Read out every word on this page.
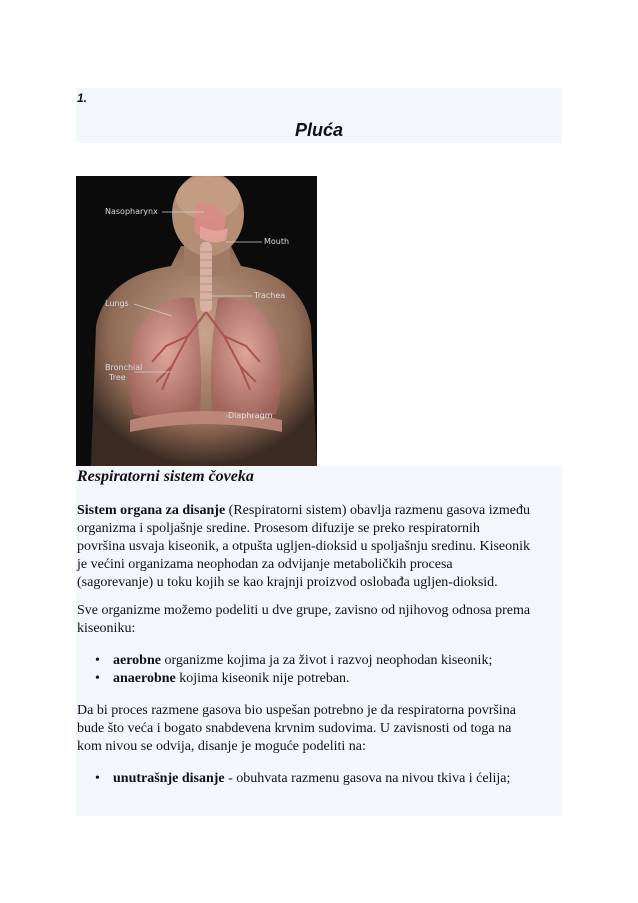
1.
Pluća
Nasopharynx
Mouth
Trachea
Lungs
Bronchial
Tree
Diaphragm
Respiratorni sistem čoveka
Sistem organa za disanje (Respiratorni sistem) obavlja razmenu gasova između
organizma i spoljašnje sredine. Prosesom difuzije se preko respiratornih
površina usvaja kiseonik, a otpušta ugljen-dioksid u spoljašnju sredinu. Kiseonik
je većini organizama neophodan za odvijanje metaboličkih procesa
(sagorevanje) u toku kojih se kao krajnji proizvod oslobađa ugljen-dioksid.
Sve organizme možemo podeliti u dve grupe, zavisno od njihovog odnosa prema
kiseoniku:
• aerobne organizme kojima ja za život i razvoj neophodan kiseonik;
• anaerobne kojima kiseonik nije potreban.
Da bi proces razmene gasova bio uspešan potrebno je da respiratorna površina
bude što veća i bogato snabdevena krvnim sudovima. U zavisnosti od toga na
kom nivou se odvija, disanje je moguće podeliti na:
• unutrašnje disanje - obuhvata razmenu gasova na nivou tkiva i ćelija;
